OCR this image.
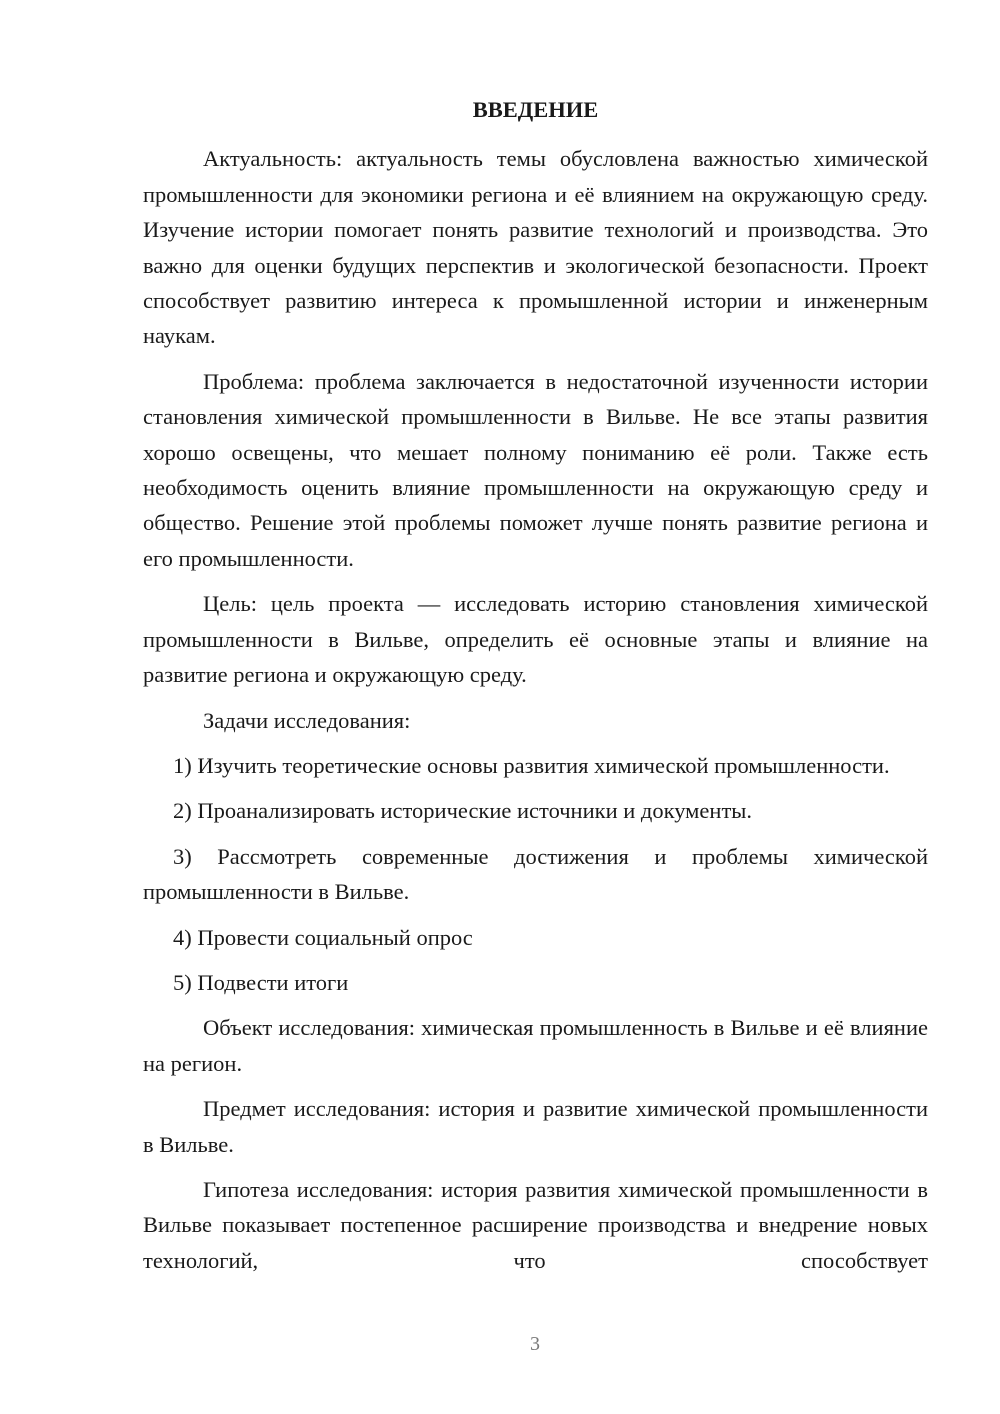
ВВЕДЕНИЕ

Актуальность: актуальность темы обусловлена важностью химической промышленности для экономики региона и её влиянием на окружающую среду. Изучение истории помогает понять развитие технологий и производства. Это важно для оценки будущих перспектив и экологической безопасности. Проект способствует развитию интереса к промышленной истории и инженерным наукам.

Проблема: проблема заключается в недостаточной изученности истории становления химической промышленности в Вильве. Не все этапы развития хорошо освещены, что мешает полному пониманию её роли. Также есть необходимость оценить влияние промышленности на окружающую среду и общество. Решение этой проблемы поможет лучше понять развитие региона и его промышленности.

Цель: цель проекта — исследовать историю становления химической промышленности в Вильве, определить её основные этапы и влияние на развитие региона и окружающую среду.

Задачи исследования:

1) Изучить теоретические основы развития химической промышленности.

2) Проанализировать исторические источники и документы.

3) Рассмотреть современные достижения и проблемы химической промышленности в Вильве.

4) Провести социальный опрос

5) Подвести итоги

Объект исследования: химическая промышленность в Вильве и её влияние на регион.

Предмет исследования: история и развитие химической промышленности в Вильве.

Гипотеза исследования: история развития химической промышленности в Вильве показывает постепенное расширение производства и внедрение новых технологий, что способствует

3
